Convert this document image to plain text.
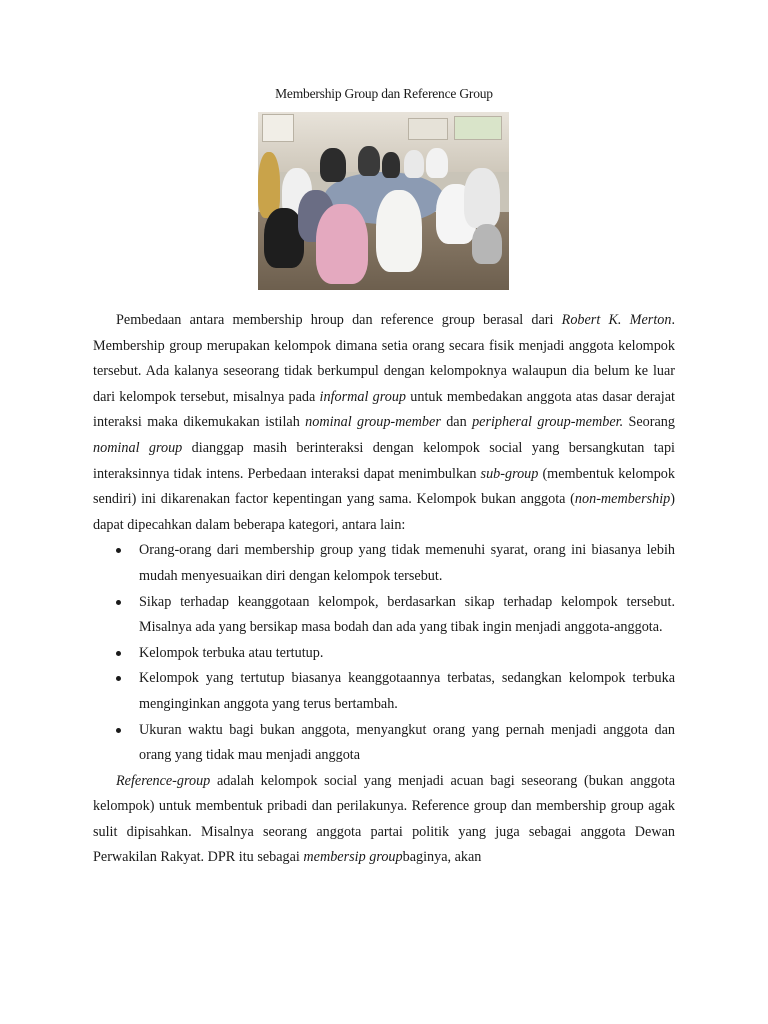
Membership Group dan Reference Group

Pembedaan antara membership hroup dan reference group berasal dari Robert K. Merton. Membership group merupakan kelompok dimana setia orang secara fisik menjadi anggota kelompok tersebut. Ada kalanya seseorang tidak berkumpul dengan kelompoknya walaupun dia belum ke luar dari kelompok tersebut, misalnya pada informal group untuk membedakan anggota atas dasar derajat interaksi maka dikemukakan istilah nominal group-member dan peripheral group-member. Seorang nominal group dianggap masih berinteraksi dengan kelompok social yang bersangkutan tapi interaksinnya tidak intens. Perbedaan interaksi dapat menimbulkan sub-group (membentuk kelompok sendiri) ini dikarenakan factor kepentingan yang sama. Kelompok bukan anggota (non-membership) dapat dipecahkan dalam beberapa kategori, antara lain:

Orang-orang dari membership group yang tidak memenuhi syarat, orang ini biasanya lebih mudah menyesuaikan diri dengan kelompok tersebut.
Sikap terhadap keanggotaan kelompok, berdasarkan sikap terhadap kelompok tersebut. Misalnya ada yang bersikap masa bodah dan ada yang tibak ingin menjadi anggota-anggota.
Kelompok terbuka atau tertutup.
Kelompok yang tertutup biasanya keanggotaannya terbatas, sedangkan kelompok terbuka menginginkan anggota yang terus bertambah.
Ukuran waktu bagi bukan anggota, menyangkut orang yang pernah menjadi anggota dan orang yang tidak mau menjadi anggota

Reference-group adalah kelompok social yang menjadi acuan bagi seseorang (bukan anggota kelompok) untuk membentuk pribadi dan perilakunya. Reference group dan membership group agak sulit dipisahkan. Misalnya seorang anggota partai politik yang juga sebagai anggota Dewan Perwakilan Rakyat. DPR itu sebagai membersip groupbaginya, akan
